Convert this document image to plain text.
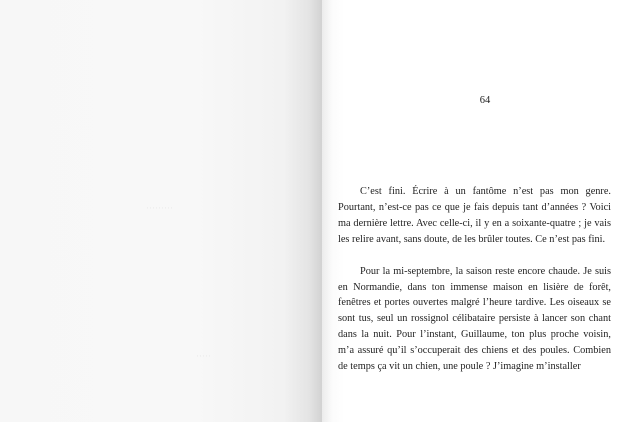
·········
·····
64

C’est fini. Écrire à un fantôme n’est pas mon genre. Pourtant, n’est-ce pas ce que je fais depuis tant d’années ? Voici ma dernière lettre. Avec celle-ci, il y en a soixante-quatre ; je vais les relire avant, sans doute, de les brûler toutes. Ce n’est pas fini.

Pour la mi-septembre, la saison reste encore chaude. Je suis en Normandie, dans ton immense maison en lisière de forêt, fenêtres et portes ouvertes malgré l’heure tardive. Les oiseaux se sont tus, seul un rossignol célibataire persiste à lancer son chant dans la nuit. Pour l’instant, Guillaume, ton plus proche voisin, m’a assuré qu’il s’occuperait des chiens et des poules. Combien de temps ça vit un chien, une poule ? J’imagine m’installer
